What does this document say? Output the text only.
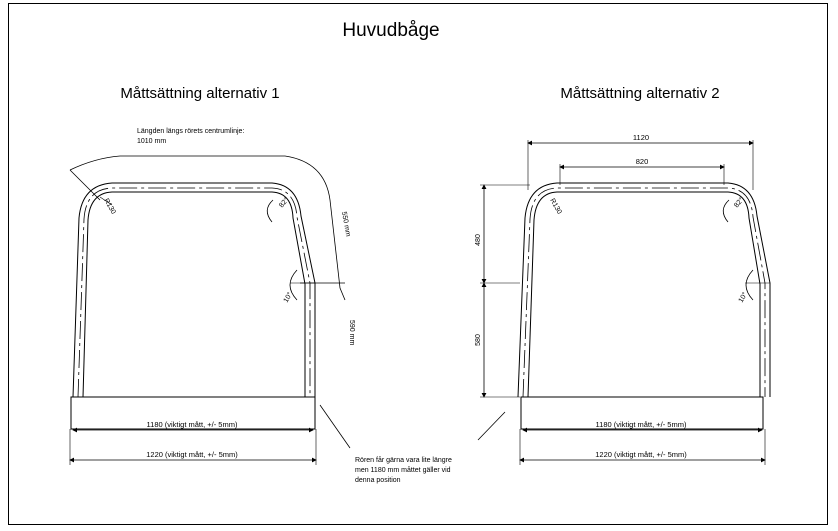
Huvudbåge
Måttsättning alternativ 1	Måttsättning alternativ 2
Längden längs rörets centrumlinje:
1010 mm
R130	82°
10°
550 mm
590 mm
1180 (viktigt mått, +/- 5mm)
1220 (viktigt mått, +/- 5mm)
1120
820
R130	82°
10°
480
580
1180 (viktigt mått, +/- 5mm)
1220 (viktigt mått, +/- 5mm)
Rören får gärna vara lite längre
men 1180 mm måttet gäller vid
denna position
